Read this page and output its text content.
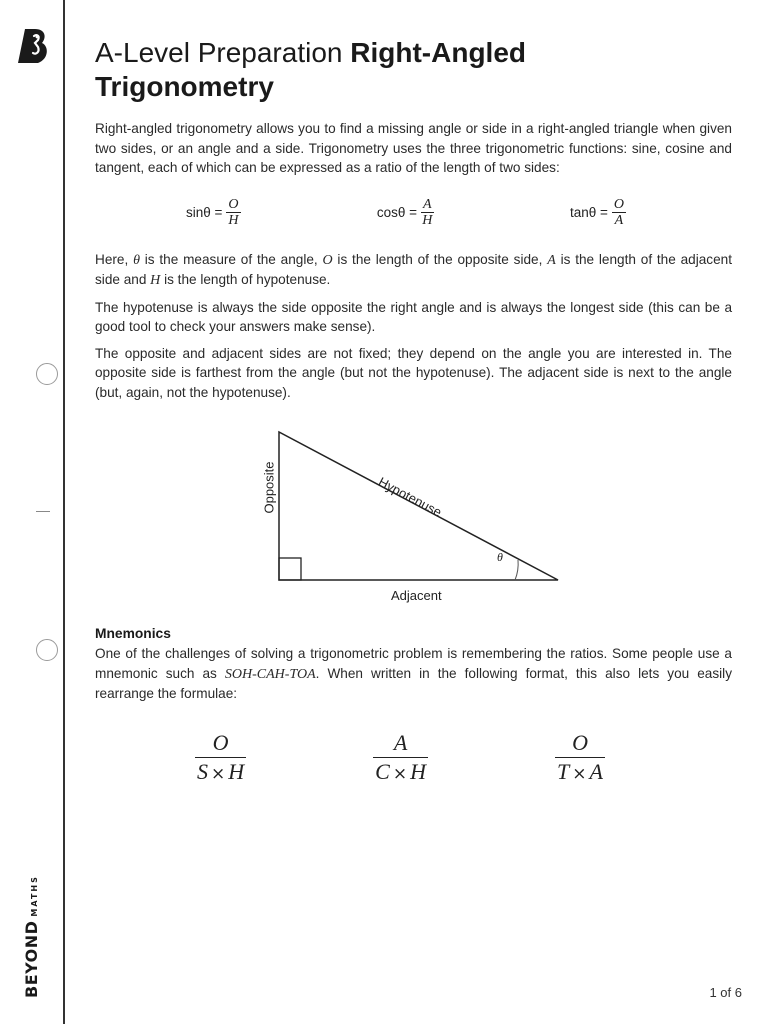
BEYONDMATHS
A-Level Preparation Right-Angled
Trigonometry

Right-angled trigonometry allows you to find a missing angle or side in a right-angled triangle when given two sides, or an angle and a side. Trigonometry uses the three trigonometric functions: sine, cosine and tangent, each of which can be expressed as a ratio of the length of two sides:

$\sin\theta = \frac{O}{H}$	$\cos\theta = \frac{A}{H}$	$\tan\theta = \frac{O}{A}$

Here, θ is the measure of the angle, O is the length of the opposite side, A is the length of the adjacent side and H is the length of hypotenuse.

The hypotenuse is always the side opposite the right angle and is always the longest side (this can be a good tool to check your answers make sense).

The opposite and adjacent sides are not fixed; they depend on the angle you are interested in. The opposite side is farthest from the angle (but not the hypotenuse). The adjacent side is next to the angle (but, again, not the hypotenuse).

Opposite	Hypotenuse
Adjacent
θ
Mnemonics

One of the challenges of solving a trigonometric problem is remembering the ratios. Some people use a mnemonic such as SOH-CAH-TOA. When written in the following format, this also lets you easily rearrange the formulae:

$\frac{O}{S \times H}$	$\frac{A}{C \times H}$	$\frac{O}{T \times A}$
1 of 6
